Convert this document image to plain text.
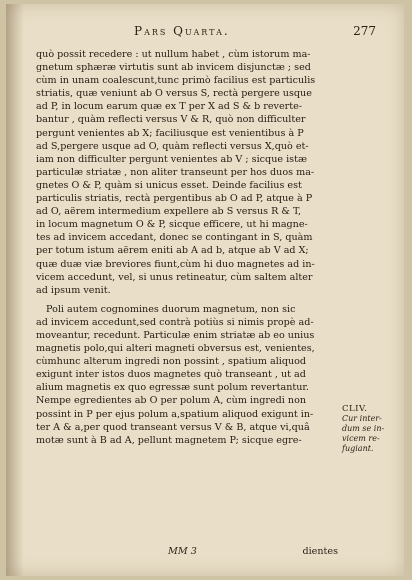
Pars Quarta.	277
quò possit recedere : ut nullum habet , cùm istorum ma-
gnetum sphæræ virtutis sunt ab invicem disjunctæ ; sed
cùm in unam coalescunt,tunc primò facilius est particulis
striatis, quæ veniunt ab O versus S, rectà pergere usque
ad P, in locum earum quæ ex T per X ad S & b reverte-
bantur , quàm reflecti versus V & R, quò non difficulter
pergunt venientes ab X; faciliusque est venientibus à P
ad S,pergere usque ad O, quàm reflecti versus X,quò et-
iam non difficulter pergunt venientes ab V ; sicque istæ
particulæ striatæ , non aliter transeunt per hos duos ma-
gnetes O & P, quàm si unicus esset. Deinde facilius est
particulis striatis, rectà pergentibus ab O ad P, atque à P
ad O, aërem intermedium expellere ab S versus R & T,
in locum magnetum O & P, sicque efficere, ut hi magne-
tes ad invicem accedant, donec se contingant in S, quàm
per totum istum aërem eniti ab A ad b, atque ab V ad X;
quæ duæ viæ breviores fiunt,cùm hi duo magnetes ad in-
vicem accedunt, vel, si unus retineatur, cùm saltem alter
ad ipsum venit.
Poli autem cognomines duorum magnetum, non sic
ad invicem accedunt,sed contrà potiùs si nimis propè ad-
moveantur, recedunt. Particulæ enim striatæ ab eo unius
magnetis polo,qui alteri magneti obversus est, venientes,
cùmhunc alterum ingredi non possint , spatium aliquod
exigunt inter istos duos magnetes quò transeant , ut ad
alium magnetis ex quo egressæ sunt polum revertantur.
Nempe egredientes ab O per polum A, cùm ingredi non
possint in P per ejus polum a,spatium aliquod exigunt in-
ter A & a,per quod transeant versus V & B, atque vi,quâ
motæ sunt à B ad A, pellunt magnetem P; sicque egre-
CLIV.
Cur inter-dum se in-vicem re-fugiant.
MM 3	dientes
